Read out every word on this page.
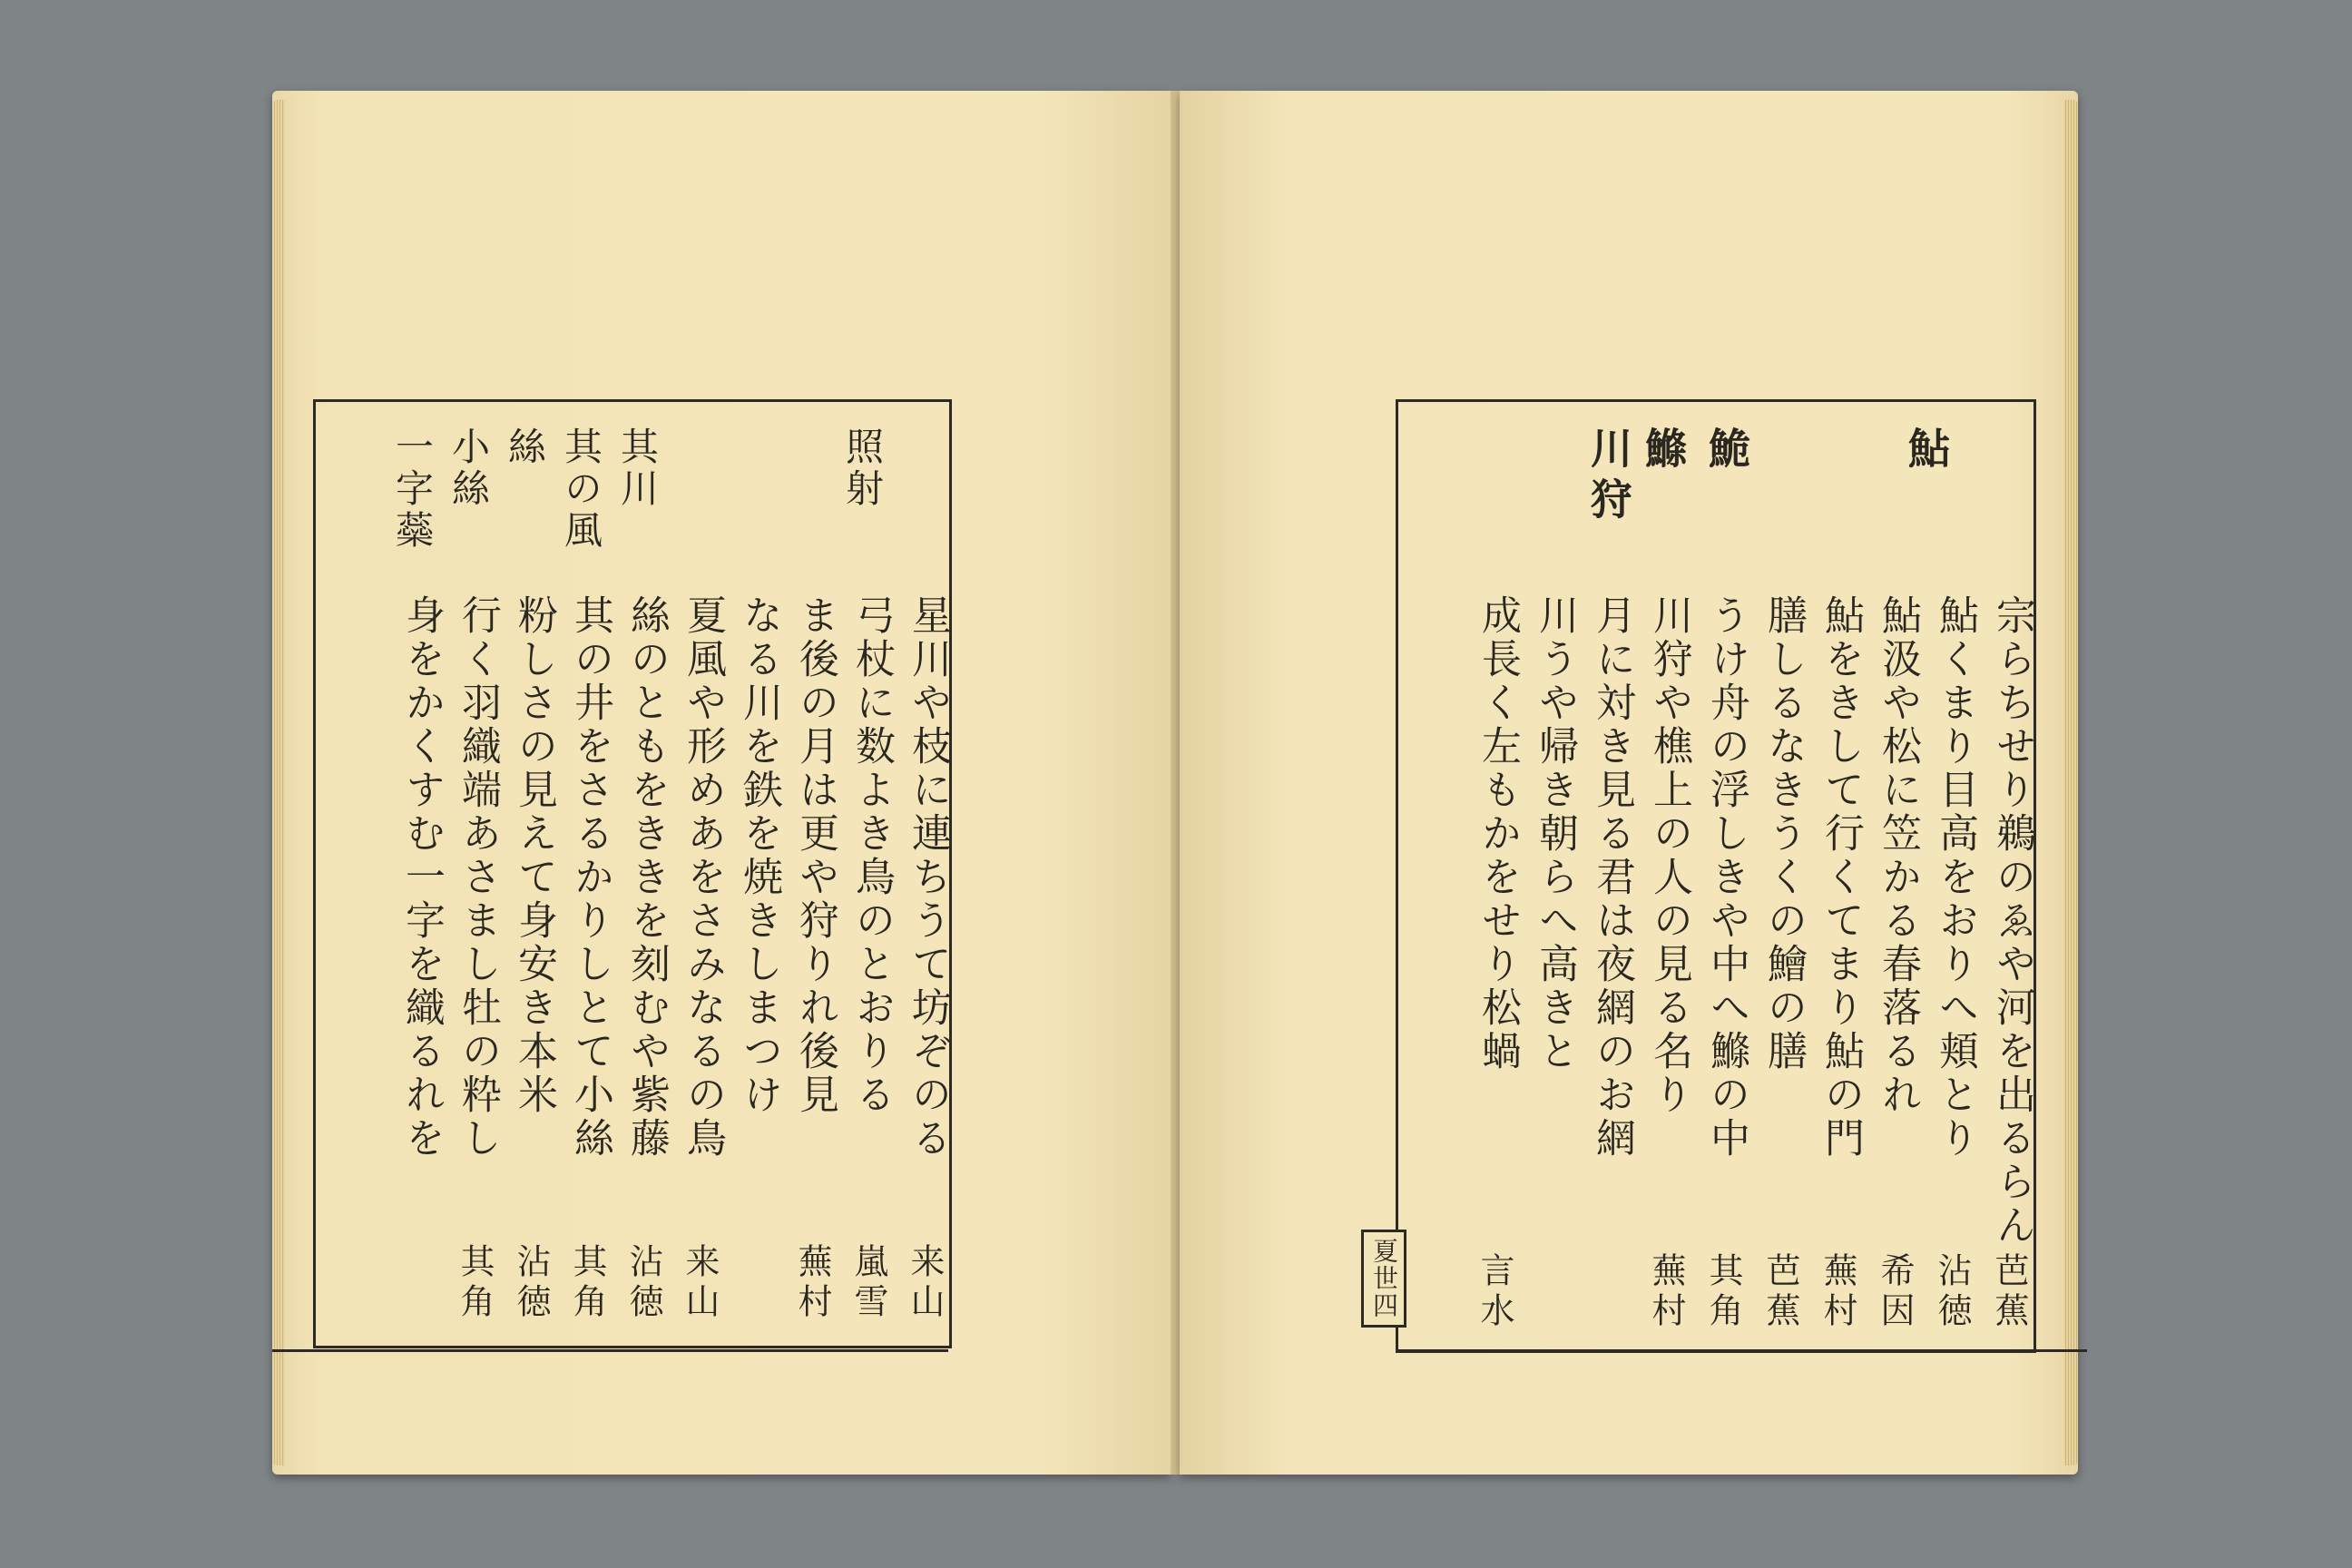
照射
星川や枝に連ちうて坊ぞのる
来山
弓杖に数よき鳥のとおりる
嵐雪
ま後の月は更や狩りれ後見
蕪村
なる川を鉄を焼きしまつけ
其川
夏風や形めあをさみなるの鳥
来山
其の風
絲のともをききを刻むや紫藤
沾徳
絲
其の井をさるかりしとて小絲
其角
小絲
粉しさの見えて身安き本米
沾徳
一字蘂
行く羽織端あさまし牡の粋し
其角
身をかくすむ一字を織るれを
鮎
鮠
鰷
川狩
宗らちせり鵜のゑや河を出るらん
芭蕉
鮎くまり目高をおりへ頬とり
沾徳
鮎汲や松に笠かる春落るれ
希因
鮎をきして行くてまり鮎の門
蕪村
膳しるなきうくの鱠の膳
芭蕉
うけ舟の浮しきや中へ鰷の中
其角
川狩や樵上の人の見る名り
蕪村
月に対き見る君は夜網のお網
川うや帰き朝らへ高きと
成長く左もかをせり松蝸
言水
夏世四
